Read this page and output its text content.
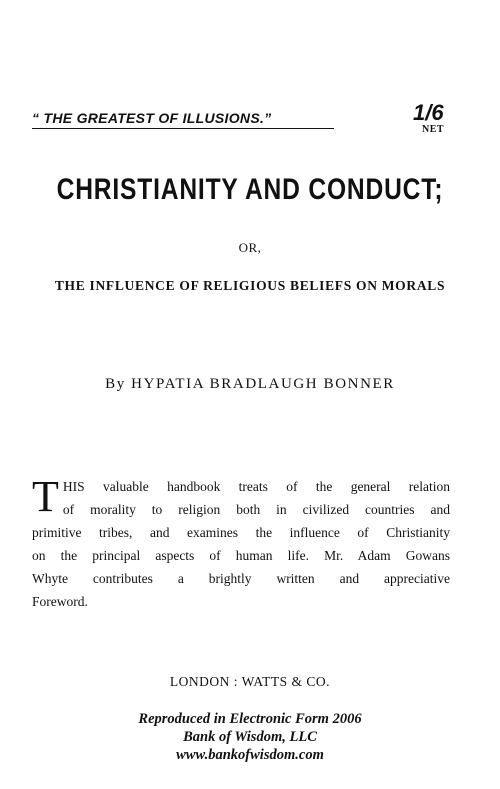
“ THE GREATEST OF ILLUSIONS.”	1/6
NET
CHRISTIANITY AND CONDUCT;
OR,
THE INFLUENCE OF RELIGIOUS BELIEFS ON MORALS
By HYPATIA BRADLAUGH BONNER
T HIS valuable handbook treats of the general relation
of morality to religion both in civilized countries and
primitive tribes, and examines the influence of Christianity
on the principal aspects of human life. Mr. Adam Gowans
Whyte contributes a brightly written and appreciative
Foreword.
LONDON : WATTS & CO.
Reproduced in Electronic Form 2006
Bank of Wisdom, LLC
www.bankofwisdom.com
